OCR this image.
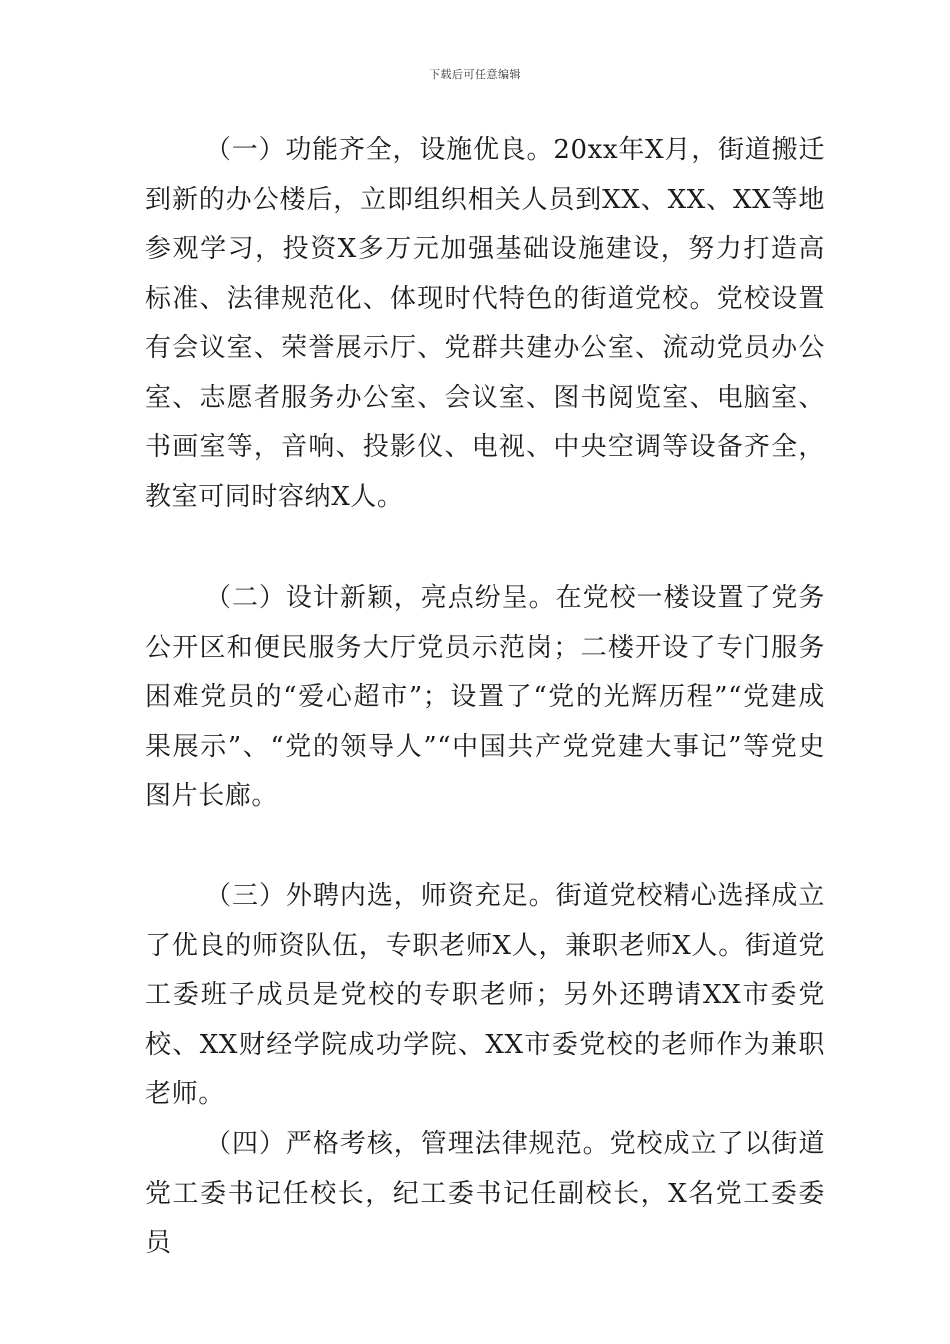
下载后可任意编辑

（一）功能齐全，设施优良。20xx年X月，街道搬迁到新的办公楼后，立即组织相关人员到XX、XX、XX等地参观学习，投资X多万元加强基础设施建设，努力打造高标准、法律规范化、体现时代特色的街道党校。党校设置有会议室、荣誉展示厅、党群共建办公室、流动党员办公室、志愿者服务办公室、会议室、图书阅览室、电脑室、书画室等，音响、投影仪、电视、中央空调等设备齐全，教室可同时容纳X人。

（二）设计新颖，亮点纷呈。在党校一楼设置了党务公开区和便民服务大厅党员示范岗；二楼开设了专门服务困难党员的“爱心超市”；设置了“党的光辉历程”“党建成果展示”、“党的领导人”“中国共产党党建大事记”等党史图片长廊。

（三）外聘内选，师资充足。街道党校精心选择成立了优良的师资队伍，专职老师X人，兼职老师X人。街道党工委班子成员是党校的专职老师；另外还聘请XX市委党校、XX财经学院成功学院、XX市委党校的老师作为兼职老师。

（四）严格考核，管理法律规范。党校成立了以街道党工委书记任校长，纪工委书记任副校长，X名党工委委员
